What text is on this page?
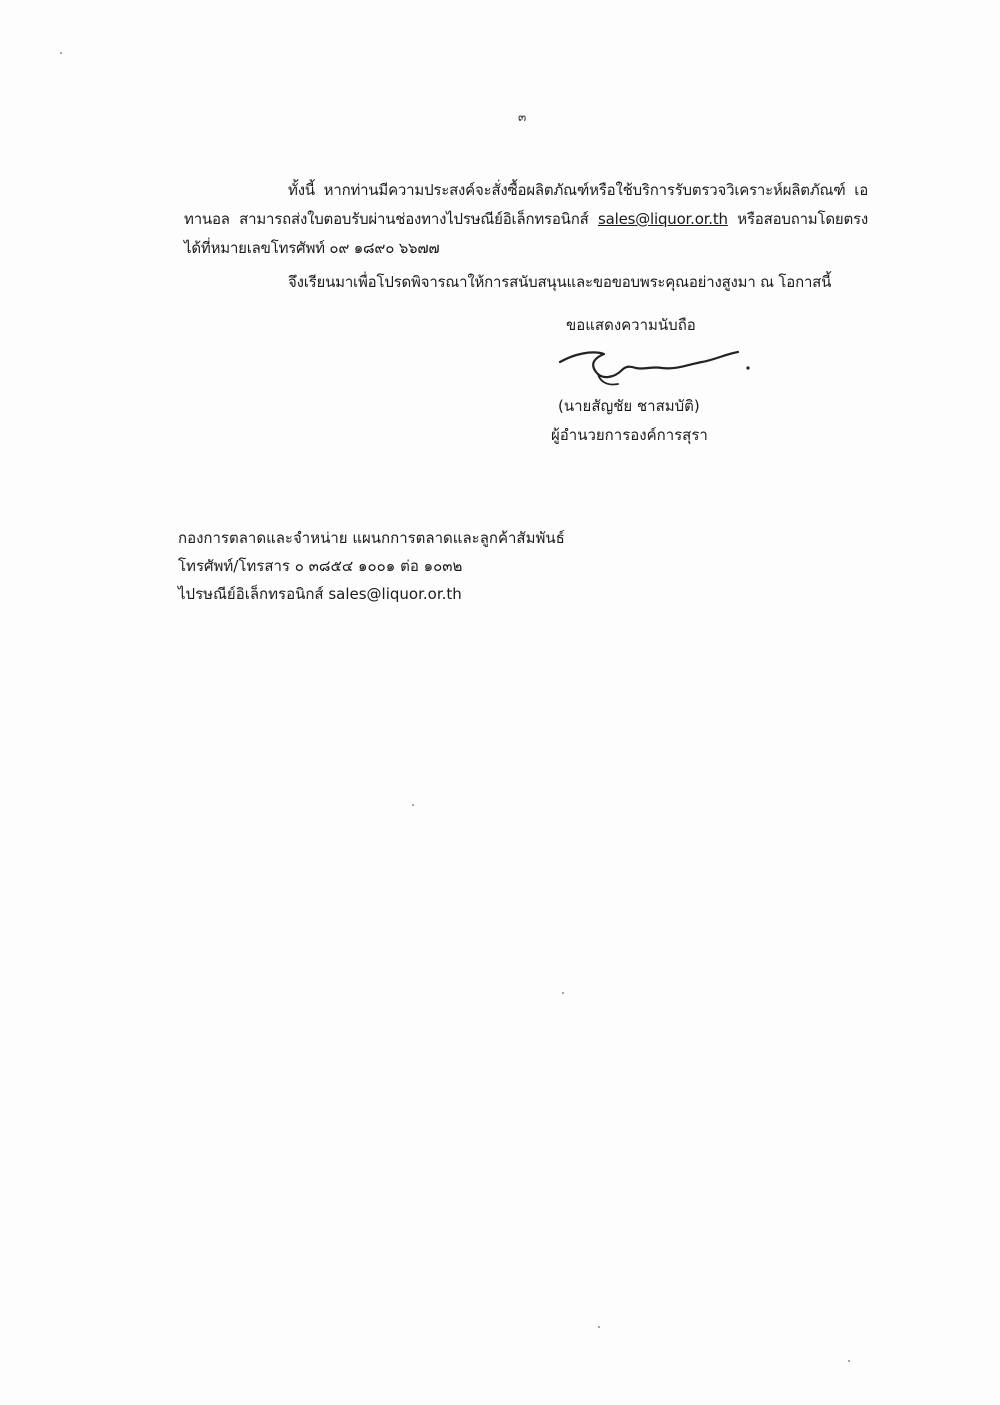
๓
ทั้งนี้ หากท่านมีความประสงค์จะสั่งซื้อผลิตภัณฑ์หรือใช้บริการรับตรวจวิเคราะห์ผลิตภัณฑ์ เอทานอล สามารถส่งใบตอบรับผ่านช่องทางไปรษณีย์อิเล็กทรอนิกส์ sales@liquor.or.th หรือสอบถามโดยตรงได้ที่หมายเลขโทรศัพท์ ๐๙ ๑๘๙๐ ๖๖๗๗
จึงเรียนมาเพื่อโปรดพิจารณาให้การสนับสนุนและขอขอบพระคุณอย่างสูงมา ณ โอกาสนี้
ขอแสดงความนับถือ
(นายสัญชัย ชาสมบัติ)
ผู้อำนวยการองค์การสุรา
กองการตลาดและจำหน่าย แผนกการตลาดและลูกค้าสัมพันธ์
โทรศัพท์/โทรสาร ๐ ๓๘๕๔ ๑๐๐๑ ต่อ ๑๐๓๒
ไปรษณีย์อิเล็กทรอนิกส์ sales@liquor.or.th
